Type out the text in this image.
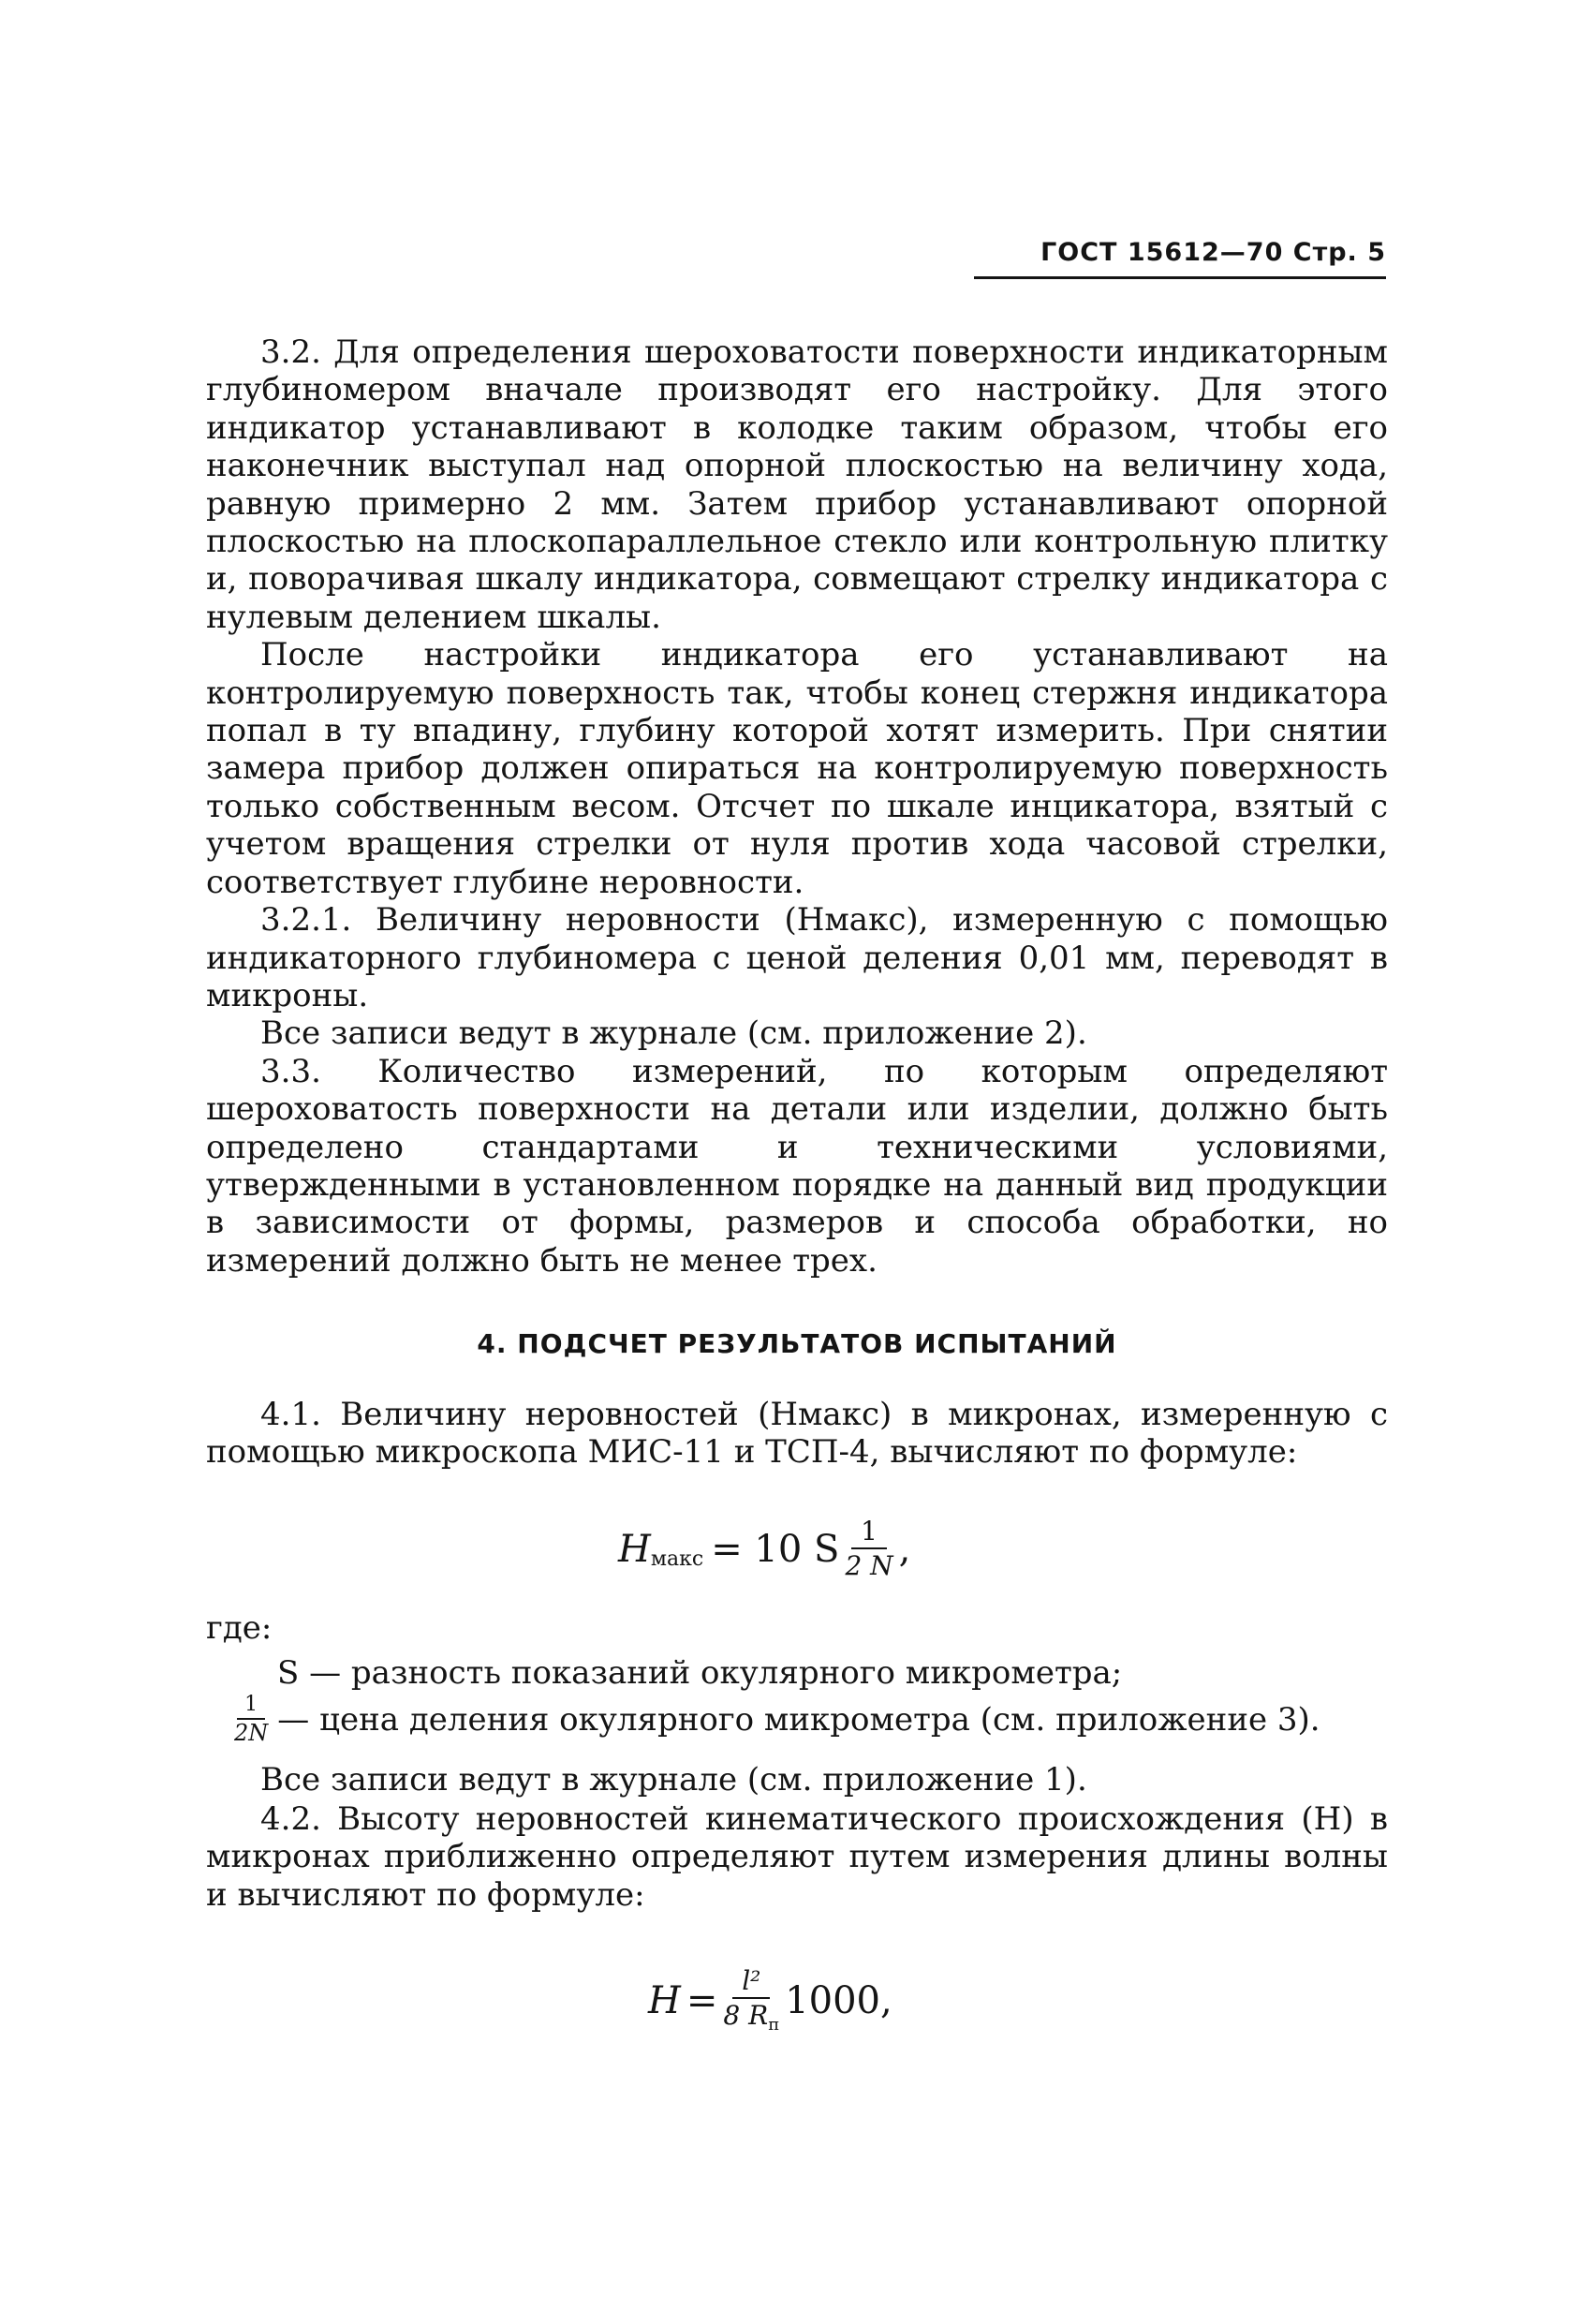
ГОСТ 15612—70 Стр. 5

3.2. Для определения шероховатости поверхности индикаторным глубиномером вначале производят его настройку. Для этого индикатор устанавливают в колодке таким образом, чтобы его наконечник выступал над опорной плоскостью на величину хода, равную примерно 2 мм. Затем прибор устанавливают опорной плоскостью на плоскопараллельное стекло или контрольную плитку и, поворачивая шкалу индикатора, совмещают стрелку индикатора с нулевым делением шкалы.

После настройки индикатора его устанавливают на контролируемую поверхность так, чтобы конец стержня индикатора попал в ту впадину, глубину которой хотят измерить. При снятии замера прибор должен опираться на контролируемую поверхность только собственным весом. Отсчет по шкале инцикатора, взятый с учетом вращения стрелки от нуля против хода часовой стрелки, соответствует глубине неровности.

3.2.1. Величину неровности (Hмакс), измеренную с помощью индикаторного глубиномера с ценой деления 0,01 мм, переводят в микроны.

Все записи ведут в журнале (см. приложение 2).

3.3. Количество измерений, по которым определяют шероховатость поверхности на детали или изделии, должно быть определено стандартами и техническими условиями, утвержденными в установленном порядке на данный вид продукции в зависимости от формы, размеров и способа обработки, но измерений должно быть не менее трех.

4. ПОДСЧЕТ РЕЗУЛЬТАТОВ ИСПЫТАНИЙ

4.1. Величину неровностей (Hмакс) в микронах, измеренную с помощью микроскопа МИС-11 и ТСП-4, вычисляют по формуле:

H макс = 10 S $\frac{1}{2 N}$ ,
где:
S — разность показаний окулярного микрометра;
$\frac{1}{2N}$ — цена деления окулярного микрометра (см. приложение 3).
Все записи ведут в журнале (см. приложение 1).

4.2. Высоту неровностей кинематического происхождения (H) в микронах приближенно определяют путем измерения длины волны и вычисляют по формуле:

$H = \frac{\text{l²}}{8 R_п} 1000$,
